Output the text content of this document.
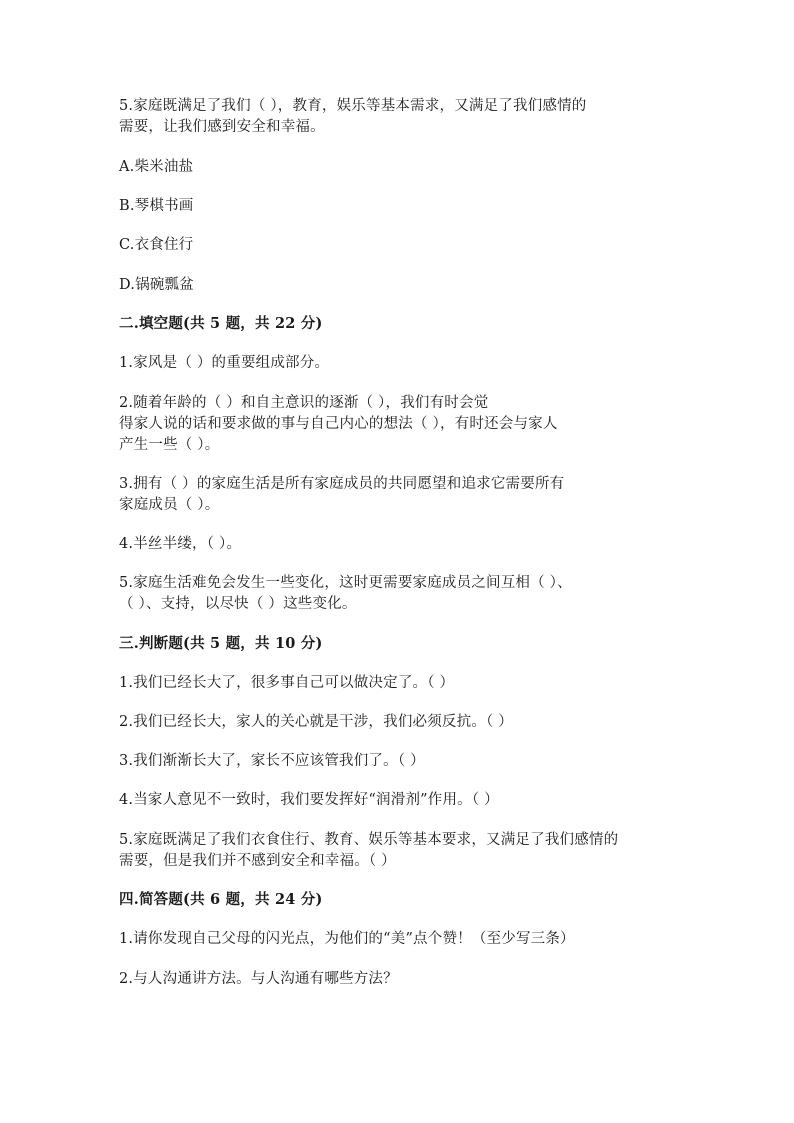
5.家庭既满足了我们（ ），教育，娱乐等基本需求，又满足了我们感情的
需要，让我们感到安全和幸福。
A.柴米油盐
B.琴棋书画
C.衣食住行
D.锅碗瓢盆
二.填空题(共 5 题，共 22 分)
1.家风是（ ）的重要组成部分。
2.随着年龄的（ ）和自主意识的逐渐（ ），我们有时会觉
得家人说的话和要求做的事与自己内心的想法（ ），有时还会与家人
产生一些（ ）。
3.拥有（ ）的家庭生活是所有家庭成员的共同愿望和追求它需要所有
家庭成员（ ）。
4.半丝半缕，（ ）。
5.家庭生活难免会发生一些变化，这时更需要家庭成员之间互相（ ）、
（ ）、支持，以尽快（ ）这些变化。
三.判断题(共 5 题，共 10 分)
1.我们已经长大了，很多事自己可以做决定了。（ ）
2.我们已经长大，家人的关心就是干涉，我们必须反抗。（ ）
3.我们渐渐长大了，家长不应该管我们了。（ ）
4.当家人意见不一致时，我们要发挥好“润滑剂”作用。（ ）
5.家庭既满足了我们衣食住行、教育、娱乐等基本要求，又满足了我们感情的
需要，但是我们并不感到安全和幸福。（ ）
四.简答题(共 6 题，共 24 分)
1.请你发现自己父母的闪光点，为他们的“美”点个赞！（至少写三条）
2.与人沟通讲方法。与人沟通有哪些方法？
